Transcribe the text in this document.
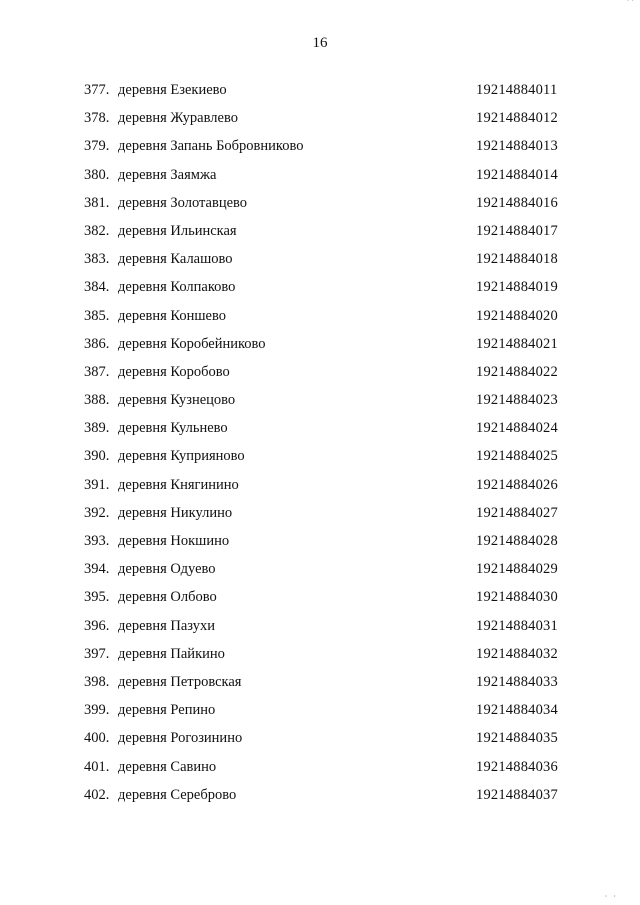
· ·
16
377. деревня Езекиево	19214884011
378. деревня Журавлево	19214884012
379. деревня Запань Бобровниково	19214884013
380. деревня Заямжа	19214884014
381. деревня Золотавцево	19214884016
382. деревня Ильинская	19214884017
383. деревня Калашово	19214884018
384. деревня Колпаково	19214884019
385. деревня Коншево	19214884020
386. деревня Коробейниково	19214884021
387. деревня Коробово	19214884022
388. деревня Кузнецово	19214884023
389. деревня Кульнево	19214884024
390. деревня Куприяново	19214884025
391. деревня Княгинино	19214884026
392. деревня Никулино	19214884027
393. деревня Нокшино	19214884028
394. деревня Одуево	19214884029
395. деревня Олбово	19214884030
396. деревня Пазухи	19214884031
397. деревня Пайкино	19214884032
398. деревня Петровская	19214884033
399. деревня Репино	19214884034
400. деревня Рогозинино	19214884035
401. деревня Савино	19214884036
402. деревня Сереброво	19214884037
··
